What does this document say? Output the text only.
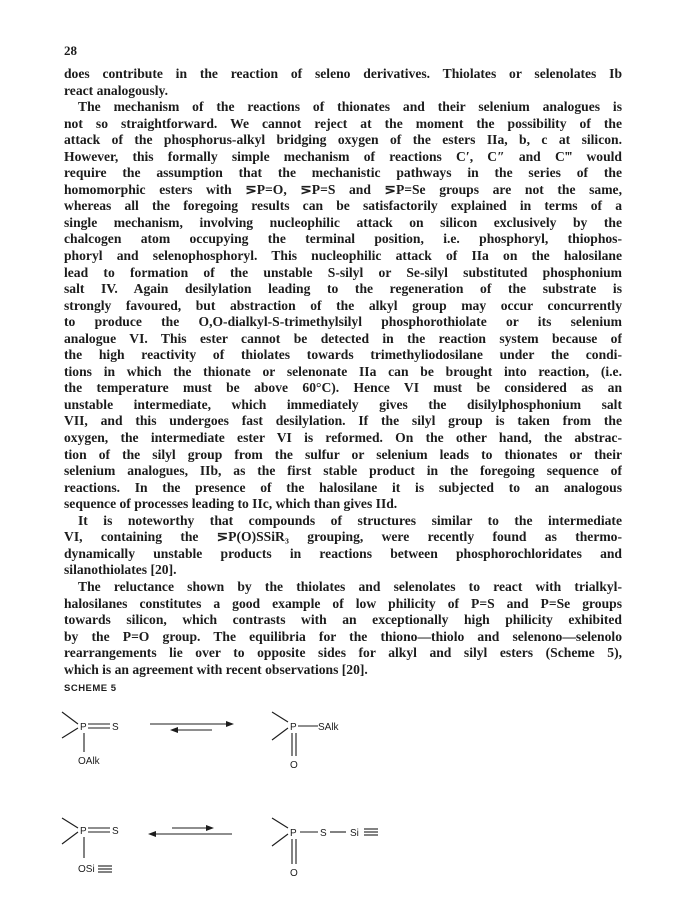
28
does contribute in the reaction of seleno derivatives. Thiolates or selenolates Ib
react analogously.
The mechanism of the reactions of thionates and their selenium analogues is
not so straightforward. We cannot reject at the moment the possibility of the
attack of the phosphorus-alkyl bridging oxygen of the esters IIa, b, c at silicon.
However, this formally simple mechanism of reactions C′, C″ and C‴ would
require the assumption that the mechanistic pathways in the series of the
homomorphic esters with ⋝P=O, ⋝P=S and ⋝P=Se groups are not the same,
whereas all the foregoing results can be satisfactorily explained in terms of a
single mechanism, involving nucleophilic attack on silicon exclusively by the
chalcogen atom occupying the terminal position, i.e. phosphoryl, thiophos-
phoryl and selenophosphoryl. This nucleophilic attack of IIa on the halosilane
lead to formation of the unstable S-silyl or Se-silyl substituted phosphonium
salt IV. Again desilylation leading to the regeneration of the substrate is
strongly favoured, but abstraction of the alkyl group may occur concurrently
to produce the O,O-dialkyl-S-trimethylsilyl phosphorothiolate or its selenium
analogue VI. This ester cannot be detected in the reaction system because of
the high reactivity of thiolates towards trimethyliodosilane under the condi-
tions in which the thionate or selenonate IIa can be brought into reaction, (i.e.
the temperature must be above 60°C). Hence VI must be considered as an
unstable intermediate, which immediately gives the disilylphosphonium salt
VII, and this undergoes fast desilylation. If the silyl group is taken from the
oxygen, the intermediate ester VI is reformed. On the other hand, the abstrac-
tion of the silyl group from the sulfur or selenium leads to thionates or their
selenium analogues, IIb, as the first stable product in the foregoing sequence of
reactions. In the presence of the halosilane it is subjected to an analogous
sequence of processes leading to IIc, which than gives IId.
It is noteworthy that compounds of structures similar to the intermediate
VI, containing the ⋝P(O)SSiR₃ grouping, were recently found as thermo-
dynamically unstable products in reactions between phosphorochloridates and
silanothiolates [20].
The reluctance shown by the thiolates and selenolates to react with trialkyl-
halosilanes constitutes a good example of low philicity of P=S and P=Se groups
towards silicon, which contrasts with an exceptionally high philicity exhibited
by the P=O group. The equilibria for the thiono—thiolo and selenono—selenolo
rearrangements lie over to opposite sides for alkyl and silyl esters (Scheme 5),
which is an agreement with recent observations [20].
SCHEME 5
P	S
OAlk
P SAlk
O
P	S
OSi
P S Si
O
